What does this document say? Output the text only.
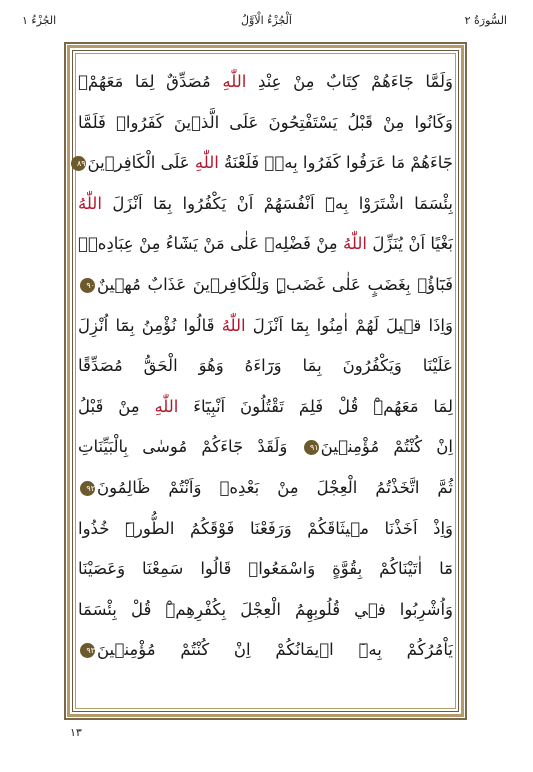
الجُزْءُ ١	اَلْجُزْءُ الْاَوَّلُ	السُّورَةُ ٢
وَلَمَّا جَٓاءَهُمْ كِتَابٌ مِنْ عِنْدِ اللّٰهِ مُصَدِّقٌ لِمَا مَعَهُمْۙ
وَكَانُوا مِنْ قَبْلُ يَسْتَفْتِحُونَ عَلَى الَّذٖينَ كَفَرُواۚ فَلَمَّا
جَٓاءَهُمْ مَا عَرَفُوا كَفَرُوا بِهٖۘ فَلَعْنَةُ اللّٰهِ عَلَى الْكَافِرٖينَ٨٩
بِئْسَمَا اشْتَرَوْا بِهٖٓ اَنْفُسَهُمْ اَنْ يَكْفُرُوا بِمَٓا اَنْزَلَ اللّٰهُ
بَغْيًا اَنْ يُنَزِّلَ اللّٰهُ مِنْ فَضْلِهٖ عَلٰى مَنْ يَشَٓاءُ مِنْ عِبَادِهٖۚ
فَبَٓاؤُ۫ بِغَضَبٍ عَلٰى غَضَبٍۜ وَلِلْكَافِرٖينَ عَذَابٌ مُهٖينٌ٩٠
وَاِذَا قٖيلَ لَهُمْ اٰمِنُوا بِمَٓا اَنْزَلَ اللّٰهُ قَالُوا نُؤْمِنُ بِمَٓا اُنْزِلَ
عَلَيْنَا وَيَكْفُرُونَ بِمَا وَرَٓاءَهُ وَهُوَ الْحَقُّ مُصَدِّقًا
لِمَا مَعَهُمْۜ قُلْ فَلِمَ تَقْتُلُونَ اَنْبِيَٓاءَ اللّٰهِ مِنْ قَبْلُ
اِنْ كُنْتُمْ مُؤْمِنٖينَ٩١ وَلَقَدْ جَٓاءَكُمْ مُوسٰى بِالْبَيِّنَاتِ
ثُمَّ اتَّخَذْتُمُ الْعِجْلَ مِنْ بَعْدِهٖ وَاَنْتُمْ ظَالِمُونَ٩٢
وَاِذْ اَخَذْنَا مٖيثَاقَكُمْ وَرَفَعْنَا فَوْقَكُمُ الطُّورَۜ خُذُوا
مَٓا اٰتَيْنَاكُمْ بِقُوَّةٍ وَاسْمَعُواۜ قَالُوا سَمِعْنَا وَعَصَيْنَا
وَاُشْرِبُوا فٖي قُلُوبِهِمُ الْعِجْلَ بِكُفْرِهِمْۜ قُلْ بِئْسَمَا
يَاْمُرُكُمْ بِهٖٓ اٖيمَانُكُمْ اِنْ كُنْتُمْ مُؤْمِنٖينَ٩٣
١٣
